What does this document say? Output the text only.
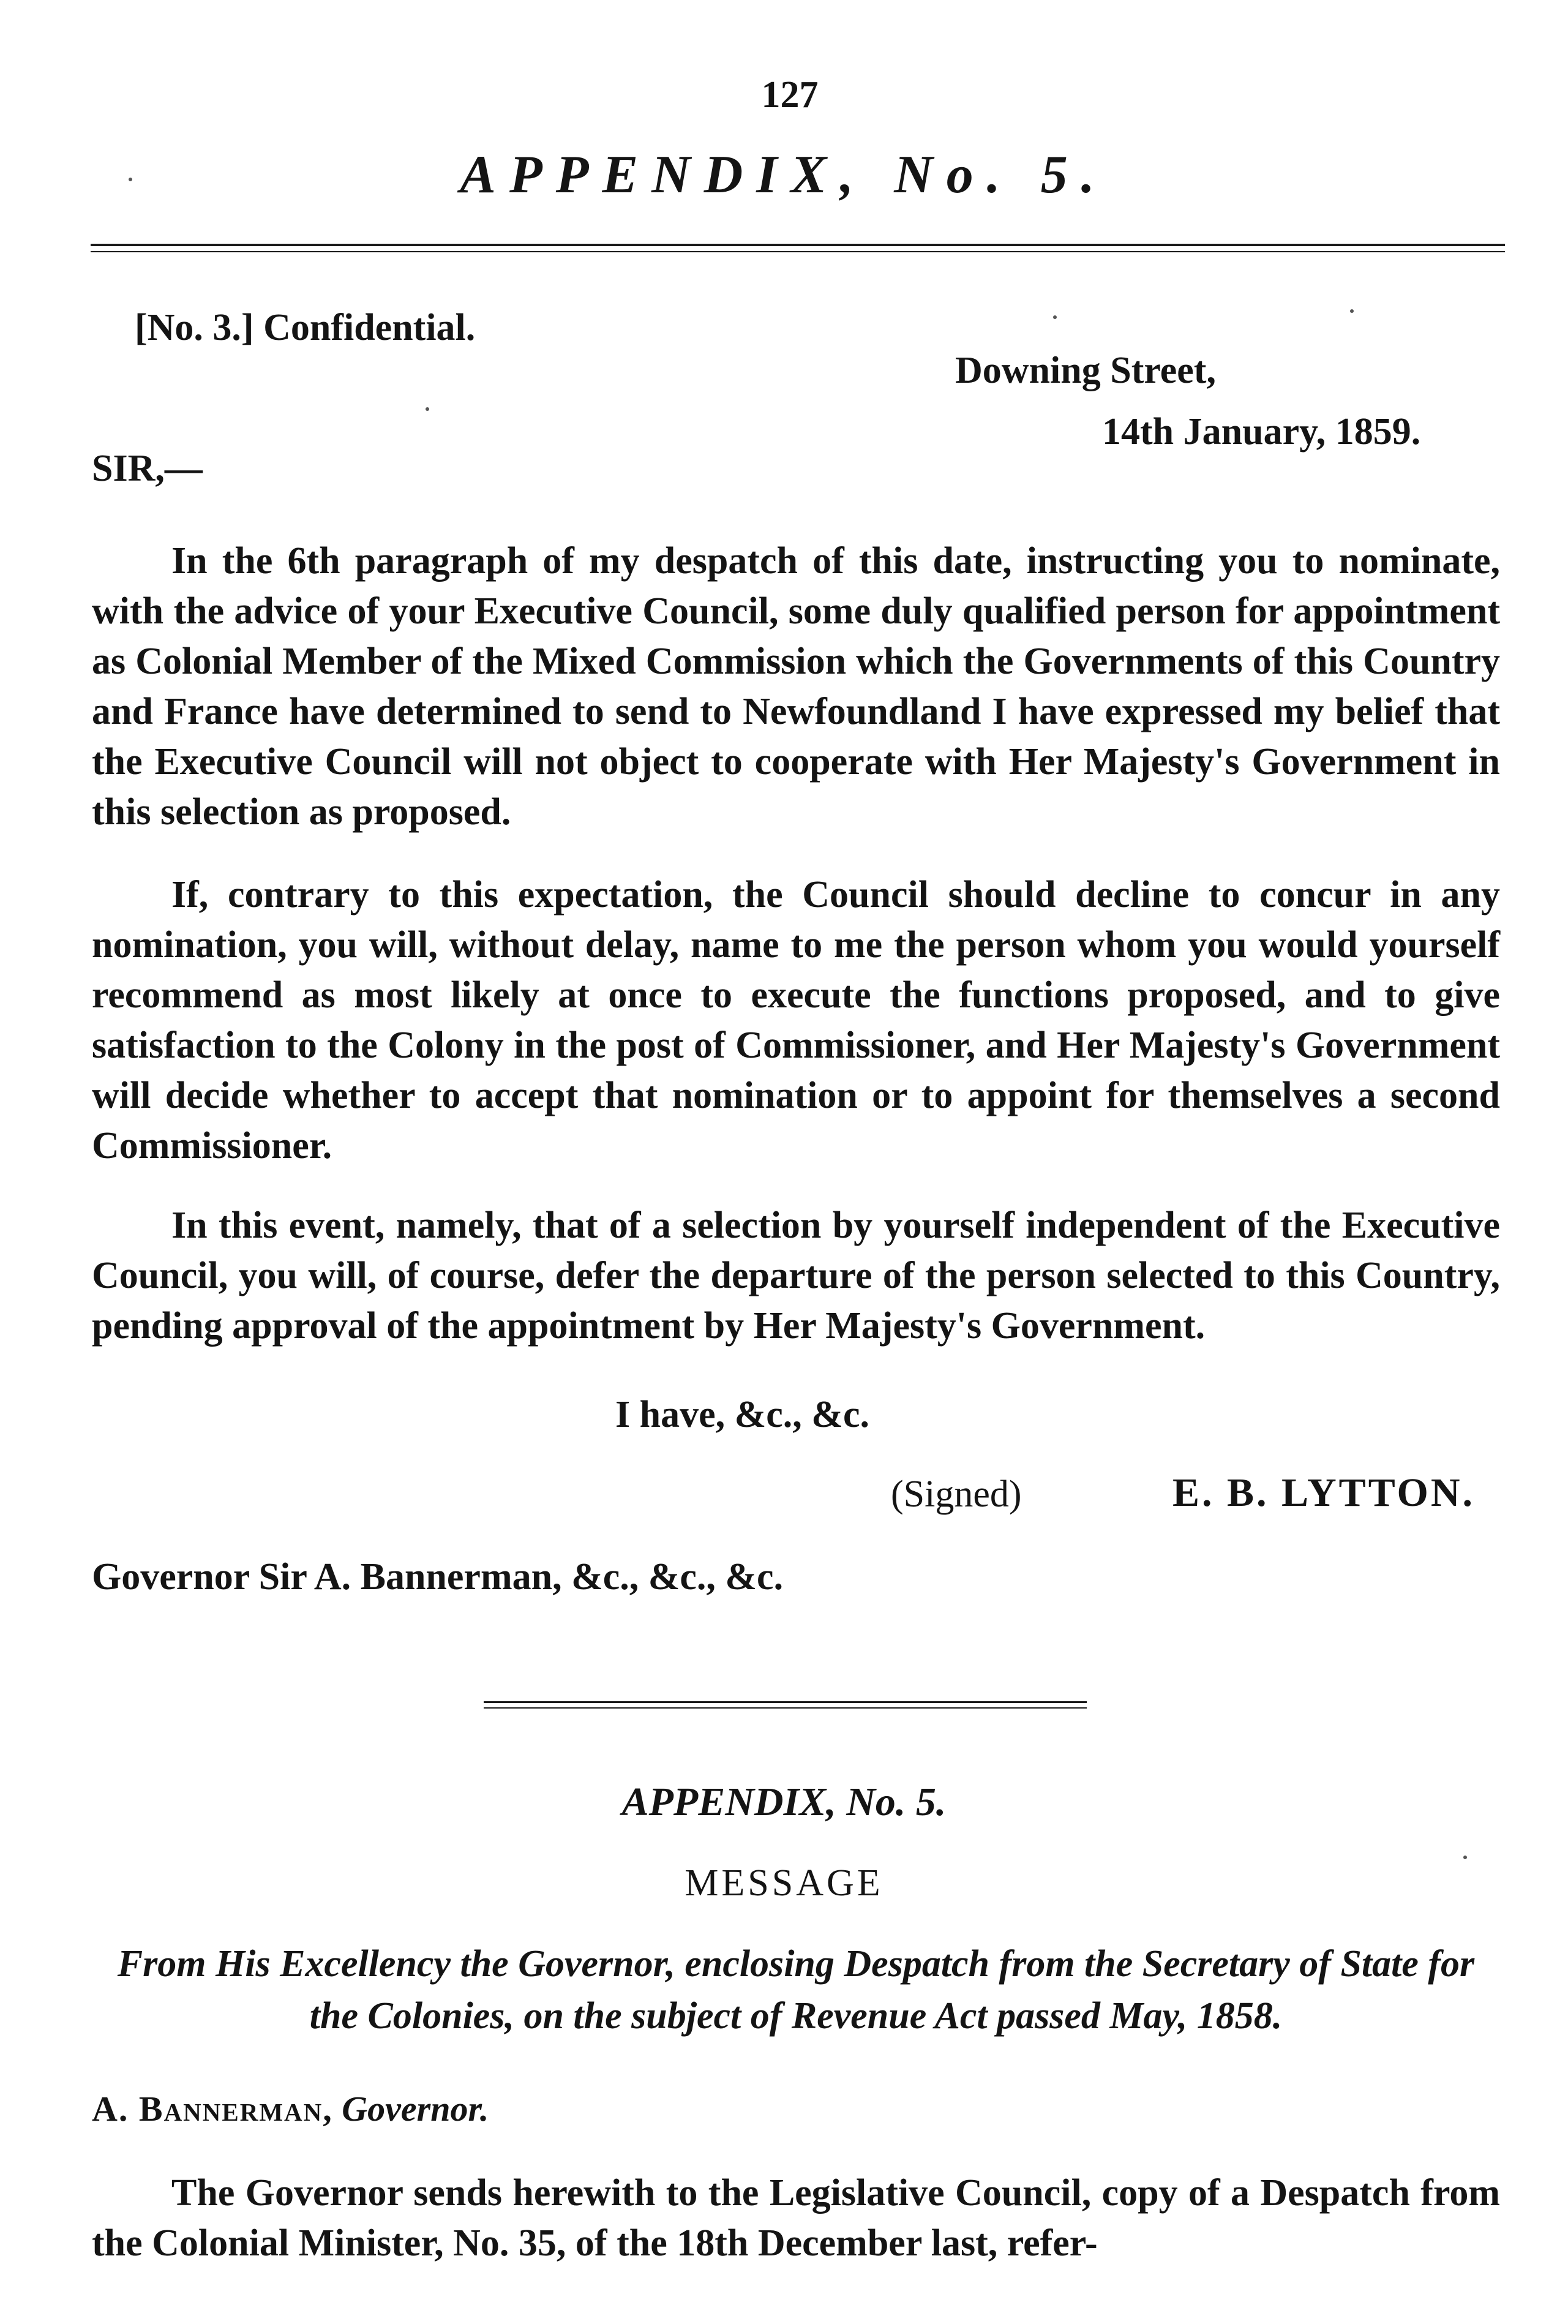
127
APPENDIX, No. 5.
[No. 3.] Confidential.
Downing Street,
14th January, 1859.
SIR,—

In the 6th paragraph of my despatch of this date, instructing you to nominate, with the advice of your Executive Council, some duly qualified person for appointment as Colonial Member of the Mixed Commission which the Governments of this Country and France have determined to send to Newfoundland I have expressed my belief that the Executive Council will not object to cooperate with Her Majesty's Government in this selection as proposed.

If, contrary to this expectation, the Council should decline to concur in any nomination, you will, without delay, name to me the person whom you would yourself recommend as most likely at once to execute the functions proposed, and to give satisfaction to the Colony in the post of Commissioner, and Her Majesty's Government will decide whether to accept that nomination or to appoint for themselves a second Commissioner.

In this event, namely, that of a selection by yourself independent of the Executive Council, you will, of course, defer the departure of the person selected to this Country, pending approval of the appointment by Her Majesty's Government.

I have, &c., &c.
(Signed)	E. B. LYTTON.
Governor Sir A. Bannerman, &c., &c., &c.
APPENDIX, No. 5.
MESSAGE
From His Excellency the Governor, enclosing Despatch from the Secretary of State for the Colonies, on the subject of Revenue Act passed May, 1858.
A. Bannerman, Governor.

The Governor sends herewith to the Legislative Council, copy of a Despatch from the Colonial Minister, No. 35, of the 18th December last, refer-
